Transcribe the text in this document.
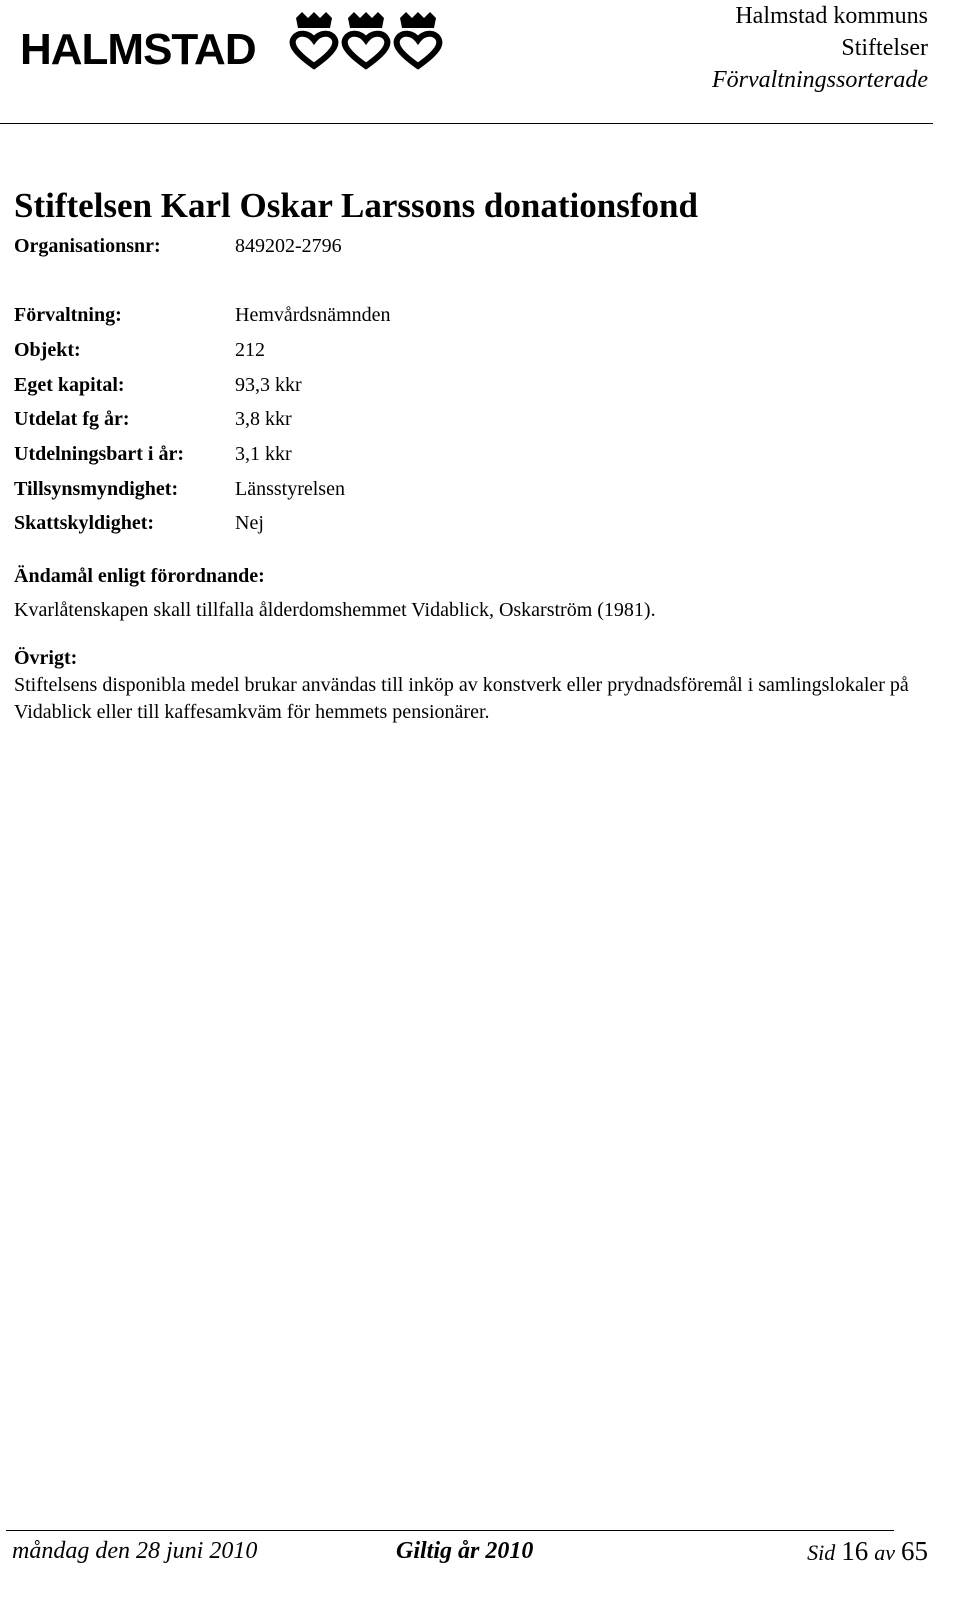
HALMSTAD
Halmstad kommuns
Stiftelser
Förvaltningssorterade
Stiftelsen Karl Oskar Larssons donationsfond
Organisationsnr:	849202-2796
Förvaltning:	Hemvårdsnämnden
Objekt:	212
Eget kapital:	93,3 kkr
Utdelat fg år:	3,8 kkr
Utdelningsbart i år:	3,1 kkr
Tillsynsmyndighet:	Länsstyrelsen
Skattskyldighet:	Nej
Ändamål enligt förordnande:
Kvarlåtenskapen skall tillfalla ålderdomshemmet Vidablick, Oskarström (1981).
Övrigt:
Stiftelsens disponibla medel brukar användas till inköp av konstverk eller prydnadsföremål i samlingslokaler på Vidablick eller till kaffesamkväm för hemmets pensionärer.
måndag den 28 juni 2010	Giltig år 2010	Sid 16 av 65
